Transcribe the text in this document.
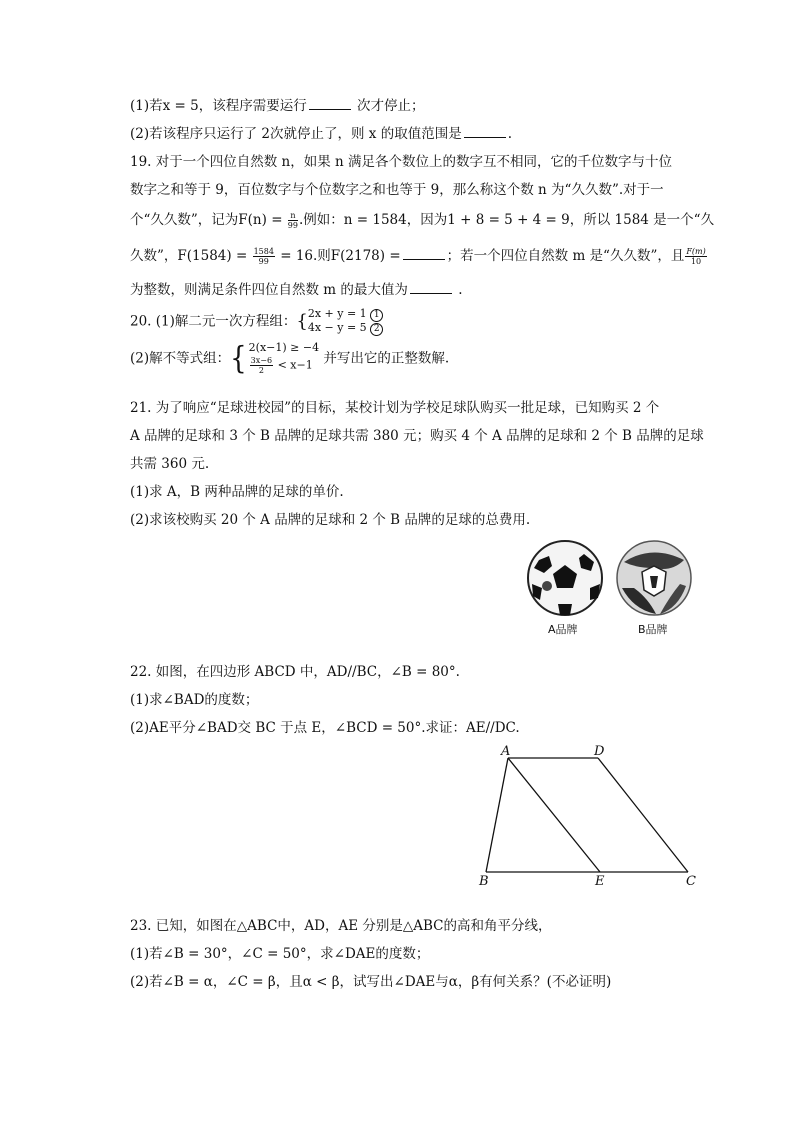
(1)若x = 5，该程序需要运行	次才停止；
(2)若该程序只运行了 2次就停止了，则 x 的取值范围是	.
19. 对于一个四位自然数 n，如果 n 满足各个数位上的数字互不相同，它的千位数字与十位
数字之和等于 9，百位数字与个位数字之和也等于 9，那么称这个数 n 为“久久数”.对于一
个“久久数”，记为$F(n) = \frac{n}{99}$ .例如：n = 1584，因为1 + 8 = 5 + 4 = 9，所以 1584 是一个“久
久数”，$F(1584) = \frac{1584}{99} = 16$.则F(2178) =	；若一个四位自然数 m 是“久久数”，且 $\frac{F(m)}{10}$
为整数，则满足条件四位自然数 m 的最大值为	.
20. (1)解二元一次方程组：{ 2x + y = 1 1
4x − y = 5 2
(2)解不等式组：{ 2(x−1) ≥ −4
$\frac{3x-6}{2} < x-1$ 并写出它的正整数解.
21. 为了响应“足球进校园”的目标，某校计划为学校足球队购买一批足球，已知购买 2 个
A 品牌的足球和 3 个 B 品牌的足球共需 380 元；购买 4 个 A 品牌的足球和 2 个 B 品牌的足球
共需 360 元.
(1)求 A，B 两种品牌的足球的单价.
(2)求该校购买 20 个 A 品牌的足球和 2 个 B 品牌的足球的总费用.
A品牌	B品牌
22. 如图，在四边形 ABCD 中，AD//BC，∠B = 80°.
(1)求∠BAD的度数；
(2)AE平分∠BAD交 BC 于点 E，∠BCD = 50°.求证：AE//DC.
A	D
B	E	C
23. 已知，如图在△ABC中，AD，AE 分别是△ABC的高和角平分线，
(1)若∠B = 30°，∠C = 50°，求∠DAE的度数；
(2)若∠B = α，∠C = β，且α < β，试写出∠DAE与α，β有何关系？(不必证明)
